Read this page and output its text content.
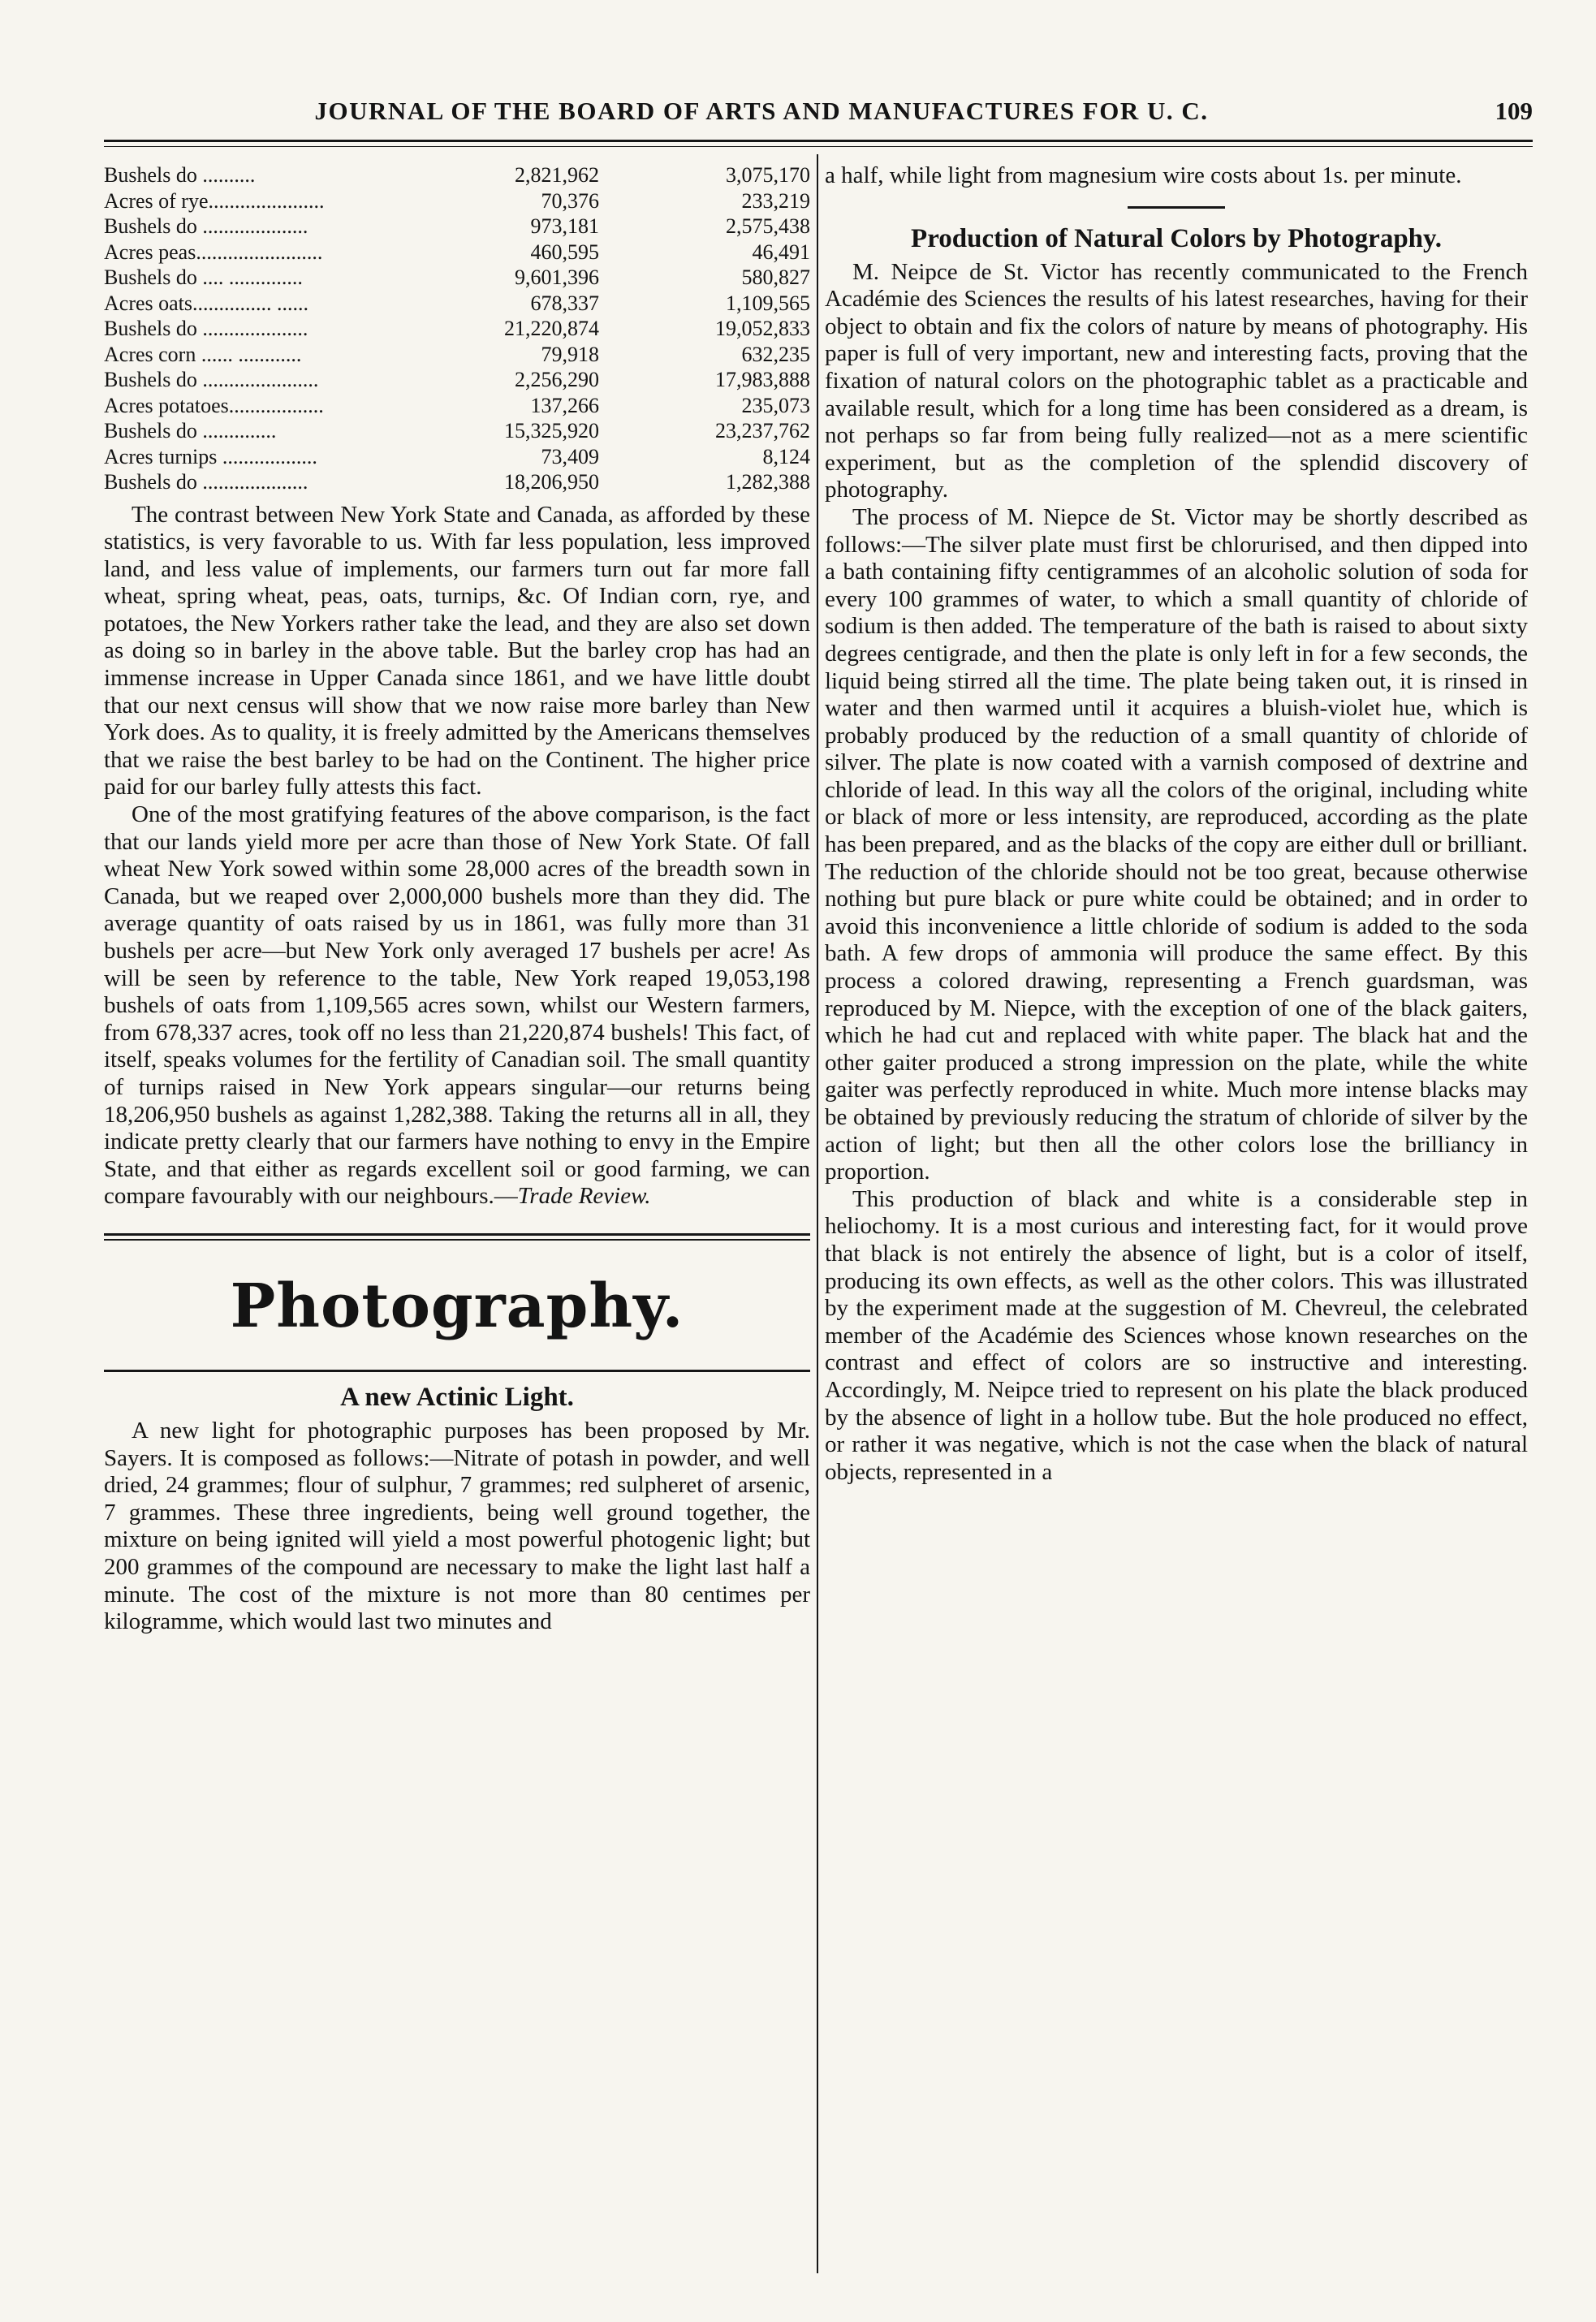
JOURNAL OF THE BOARD OF ARTS AND MANUFACTURES FOR U. C.	109
Bushels do ..........	2,821,962	3,075,170
Acres of rye......................	70,376	233,219
Bushels do ....................	973,181	2,575,438
Acres peas........................	460,595	46,491
Bushels do .... ..............	9,601,396	580,827
Acres oats............... ......	678,337	1,109,565
Bushels do ....................	21,220,874	19,052,833
Acres corn ...... ............	79,918	632,235
Bushels do ......................	2,256,290	17,983,888
Acres potatoes..................	137,266	235,073
Bushels do ..............	15,325,920	23,237,762
Acres turnips ..................	73,409	8,124
Bushels do ....................	18,206,950	1,282,388

The contrast between New York State and Canada, as afforded by these statistics, is very favorable to us. With far less population, less improved land, and less value of implements, our farmers turn out far more fall wheat, spring wheat, peas, oats, turnips, &c. Of Indian corn, rye, and potatoes, the New Yorkers rather take the lead, and they are also set down as doing so in barley in the above table. But the barley crop has had an immense increase in Upper Canada since 1861, and we have little doubt that our next census will show that we now raise more barley than New York does. As to quality, it is freely admitted by the Americans themselves that we raise the best barley to be had on the Continent. The higher price paid for our barley fully attests this fact.

One of the most gratifying features of the above comparison, is the fact that our lands yield more per acre than those of New York State. Of fall wheat New York sowed within some 28,000 acres of the breadth sown in Canada, but we reaped over 2,000,000 bushels more than they did. The average quantity of oats raised by us in 1861, was fully more than 31 bushels per acre—but New York only averaged 17 bushels per acre! As will be seen by reference to the table, New York reaped 19,053,198 bushels of oats from 1,109,565 acres sown, whilst our Western farmers, from 678,337 acres, took off no less than 21,220,874 bushels! This fact, of itself, speaks volumes for the fertility of Canadian soil. The small quantity of turnips raised in New York appears singular—our returns being 18,206,950 bushels as against 1,282,388. Taking the returns all in all, they indicate pretty clearly that our farmers have nothing to envy in the Empire State, and that either as regards excellent soil or good farming, we can compare favourably with our neighbours.—Trade Review.

Photography.
A new Actinic Light.

A new light for photographic purposes has been proposed by Mr. Sayers. It is composed as follows:—Nitrate of potash in powder, and well dried, 24 grammes; flour of sulphur, 7 grammes; red sulpheret of arsenic, 7 grammes. These three ingredients, being well ground together, the mixture on being ignited will yield a most powerful photogenic light; but 200 grammes of the compound are necessary to make the light last half a minute. The cost of the mixture is not more than 80 centimes per kilogramme, which would last two minutes and

a half, while light from magnesium wire costs about 1s. per minute.

Production of Natural Colors by Photography.

M. Neipce de St. Victor has recently communicated to the French Académie des Sciences the results of his latest researches, having for their object to obtain and fix the colors of nature by means of photography. His paper is full of very important, new and interesting facts, proving that the fixation of natural colors on the photographic tablet as a practicable and available result, which for a long time has been considered as a dream, is not perhaps so far from being fully realized—not as a mere scientific experiment, but as the completion of the splendid discovery of photography.

The process of M. Niepce de St. Victor may be shortly described as follows:—The silver plate must first be chlorurised, and then dipped into a bath containing fifty centigrammes of an alcoholic solution of soda for every 100 grammes of water, to which a small quantity of chloride of sodium is then added. The temperature of the bath is raised to about sixty degrees centigrade, and then the plate is only left in for a few seconds, the liquid being stirred all the time. The plate being taken out, it is rinsed in water and then warmed until it acquires a bluish-violet hue, which is probably produced by the reduction of a small quantity of chloride of silver. The plate is now coated with a varnish composed of dextrine and chloride of lead. In this way all the colors of the original, including white or black of more or less intensity, are reproduced, according as the plate has been prepared, and as the blacks of the copy are either dull or brilliant. The reduction of the chloride should not be too great, because otherwise nothing but pure black or pure white could be obtained; and in order to avoid this inconvenience a little chloride of sodium is added to the soda bath. A few drops of ammonia will produce the same effect. By this process a colored drawing, representing a French guardsman, was reproduced by M. Niepce, with the exception of one of the black gaiters, which he had cut and replaced with white paper. The black hat and the other gaiter produced a strong impression on the plate, while the white gaiter was perfectly reproduced in white. Much more intense blacks may be obtained by previously reducing the stratum of chloride of silver by the action of light; but then all the other colors lose the brilliancy in proportion.

This production of black and white is a considerable step in heliochomy. It is a most curious and interesting fact, for it would prove that black is not entirely the absence of light, but is a color of itself, producing its own effects, as well as the other colors. This was illustrated by the experiment made at the suggestion of M. Chevreul, the celebrated member of the Académie des Sciences whose known researches on the contrast and effect of colors are so instructive and interesting. Accordingly, M. Neipce tried to represent on his plate the black produced by the absence of light in a hollow tube. But the hole produced no effect, or rather it was negative, which is not the case when the black of natural objects, represented in a
